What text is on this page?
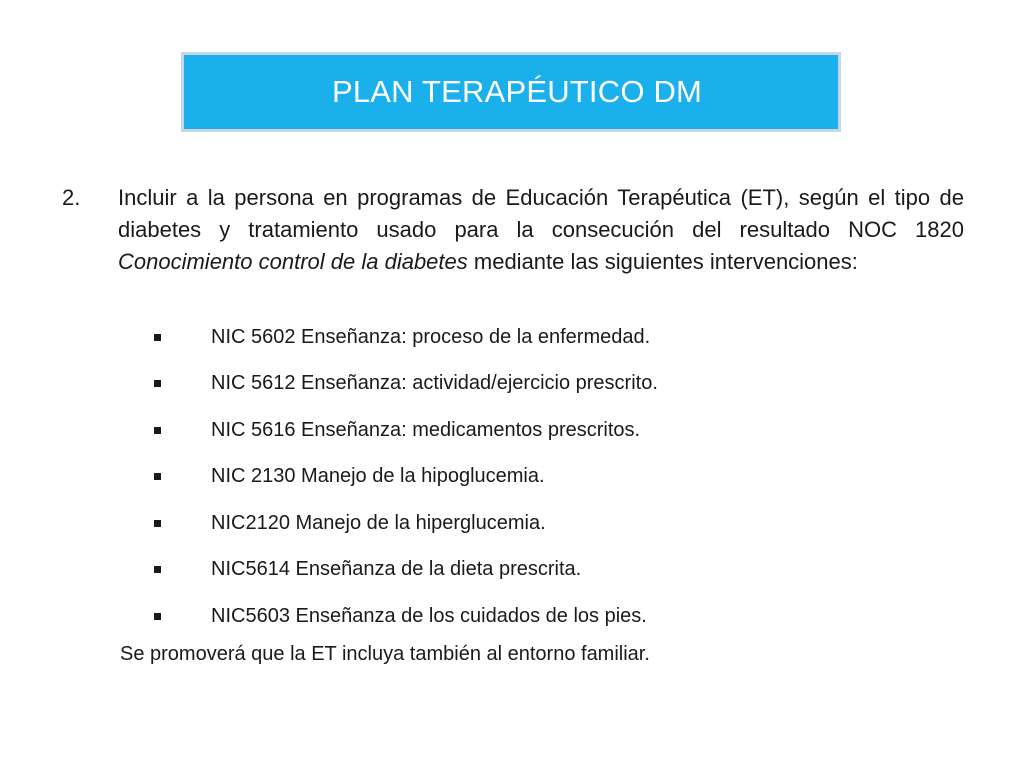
PLAN TERAPÉUTICO DM
2. Incluir a la persona en programas de Educación Terapéutica (ET), según el tipo de diabetes y tratamiento usado para la consecución del resultado NOC 1820 Conocimiento control de la diabetes mediante las siguientes intervenciones:
NIC 5602 Enseñanza: proceso de la enfermedad.
NIC 5612 Enseñanza: actividad/ejercicio prescrito.
NIC 5616 Enseñanza: medicamentos prescritos.
NIC 2130 Manejo de la hipoglucemia.
NIC2120 Manejo de la hiperglucemia.
NIC5614 Enseñanza de la dieta prescrita.
NIC5603 Enseñanza de los cuidados de los pies.
Se promoverá que la ET incluya también al entorno familiar.
